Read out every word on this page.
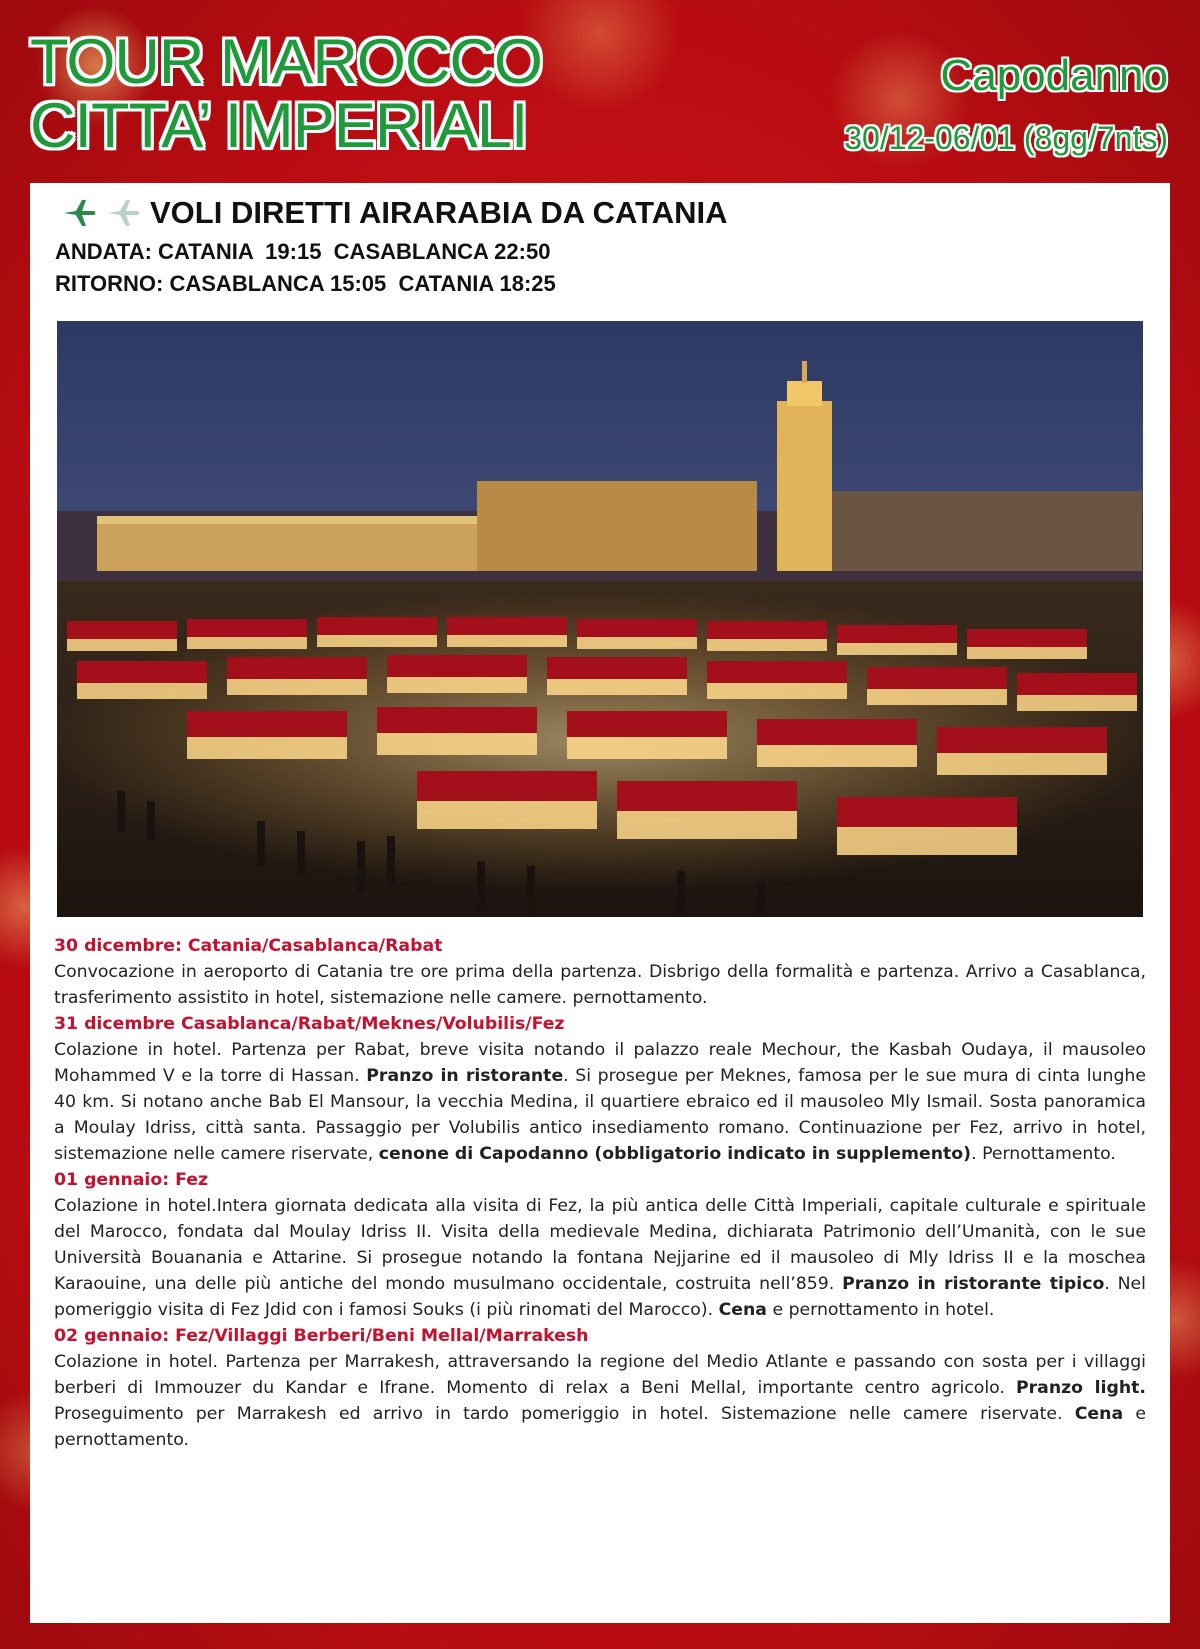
TOUR MAROCCO
CITTA’ IMPERIALI
Capodanno
30/12-06/01 (8gg/7nts)
VOLI DIRETTI AIRARABIA DA CATANIA
ANDATA: CATANIA  19:15  CASABLANCA 22:50
RITORNO: CASABLANCA 15:05  CATANIA 18:25
30 dicembre: Catania/Casablanca/Rabat

Convocazione in aeroporto di Catania tre ore prima della partenza. Disbrigo della formalità e partenza. Arrivo a Casablanca, trasferimento assistito in hotel, sistemazione nelle camere. pernottamento.

31 dicembre Casablanca/Rabat/Meknes/Volubilis/Fez

Colazione in hotel. Partenza per Rabat, breve visita notando il palazzo reale Mechour, the Kasbah Oudaya, il mausoleo Mohammed V e la torre di Hassan. Pranzo in ristorante. Si prosegue per Meknes, famosa per le sue mura di cinta lunghe 40 km. Si notano anche Bab El Mansour, la vecchia Medina, il quartiere ebraico ed il mausoleo Mly Ismail. Sosta panoramica a Moulay Idriss, città santa. Passaggio per Volubilis antico insediamento romano. Continuazione per Fez, arrivo in hotel, sistemazione nelle camere riservate, cenone di Capodanno (obbligatorio indicato in supplemento). Pernottamento.

01 gennaio: Fez

Colazione in hotel.Intera giornata dedicata alla visita di Fez, la più antica delle Città Imperiali, capitale culturale e spirituale del Marocco, fondata dal Moulay Idriss II. Visita della medievale Medina, dichiarata Patrimonio dell’Umanità, con le sue Università Bouanania e Attarine. Si prosegue notando la fontana Nejjarine ed il mausoleo di Mly Idriss II e la moschea Karaouine, una delle più antiche del mondo musulmano occidentale, costruita nell’859. Pranzo in ristorante tipico. Nel pomeriggio visita di Fez Jdid con i famosi Souks (i più rinomati del Marocco). Cena e pernottamento in hotel.

02 gennaio: Fez/Villaggi Berberi/Beni Mellal/Marrakesh

Colazione in hotel. Partenza per Marrakesh, attraversando la regione del Medio Atlante e passando con sosta per i villaggi berberi di Immouzer du Kandar e Ifrane. Momento di relax a Beni Mellal, importante centro agricolo. Pranzo light. Proseguimento per Marrakesh ed arrivo in tardo pomeriggio in hotel. Sistemazione nelle camere riservate. Cena e pernottamento.
